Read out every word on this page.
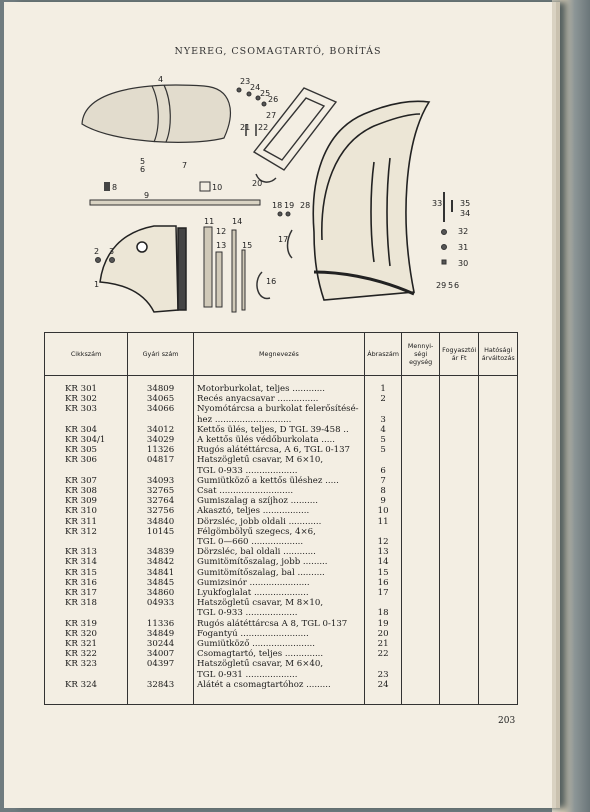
NYEREG, CSOMAGTARTÓ, BORÍTÁS
1
2 3
4
5
6	7
8
9
10
11
12
13
14
15
16
17
18 19
20
21 22
23
24
25
26
27
28
29
30
31
32
33
34
35
5 6
Cikkszám	Gyári szám	Megnevezés	Ábraszám	Mennyi-ségi egység	Fogyasztói ár Ft	Hatósági árváltozás
KR 301	34809	Motorburkolat, teljes ............	1			
KR 302	34065	Recés anyacsavar ...............	2			
KR 303	34066	Nyomótárcsa a burkolat felerősítésé-				
		hez ............................	3			
KR 304	34012	Kettős ülés, teljes, D TGL 39-458 ..	4			
KR 304/1	34029	A kettős ülés védőburkolata .....	5			
KR 305	11326	Rugós alátéttárcsa, A 6, TGL 0-137	5			
KR 306	04817	Hatszögletű csavar, M 6×10,				
		TGL 0-933 ...................	6			
KR 307	34093	Gumiütköző a kettős üléshez .....	7			
KR 308	32765	Csat ...........................	8			
KR 309	32764	Gumiszalag a szíjhoz ..........	9			
KR 310	32756	Akasztó, teljes .................	10			
KR 311	34840	Dörzsléc, jobb oldali ............	11			
KR 312	10145	Félgömbölyű szegecs, 4×6,				
		TGL 0—660 ...................	12			
KR 313	34839	Dörzsléc, bal oldali ............	13			
KR 314	34842	Gumitömítőszalag, jobb .........	14			
KR 315	34841	Gumitömítőszalag, bal ..........	15			
KR 316	34845	Gumizsinór ......................	16			
KR 317	34860	Lyukfoglalat ....................	17			
KR 318	04933	Hatszögletű csavar, M 8×10,				
		TGL 0-933 ...................	18			
KR 319	11336	Rugós alátéttárcsa A 8, TGL 0-137	19			
KR 320	34849	Fogantyú .........................	20			
KR 321	30244	Gumiütköző .......................	21			
KR 322	34007	Csomagtartó, teljes ..............	22			
KR 323	04397	Hatszögletű csavar, M 6×40,				
		TGL 0-931 ...................	23			
KR 324	32843	Alátét a csomagtartóhoz .........	24			
203
